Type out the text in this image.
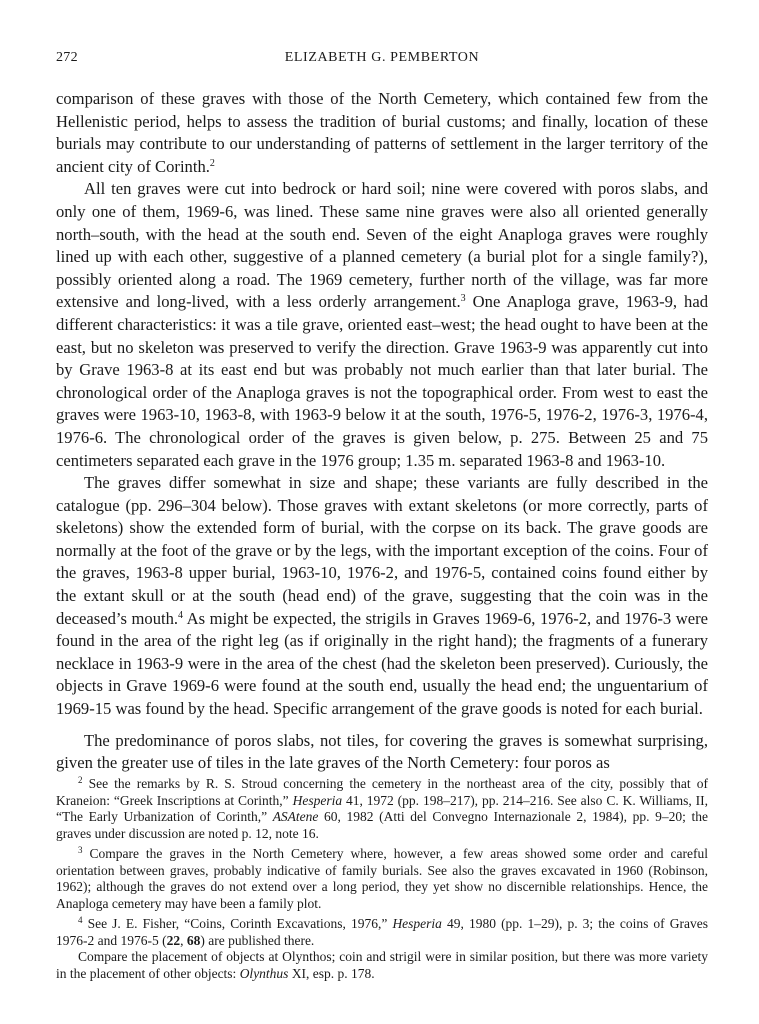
272	ELIZABETH G. PEMBERTON

comparison of these graves with those of the North Cemetery, which contained few from the Hellenistic period, helps to assess the tradition of burial customs; and finally, location of these burials may contribute to our understanding of patterns of settlement in the larger territory of the ancient city of Corinth.$^2$

All ten graves were cut into bedrock or hard soil; nine were covered with poros slabs, and only one of them, 1969-6, was lined. These same nine graves were also all oriented generally north–south, with the head at the south end. Seven of the eight Anaploga graves were roughly lined up with each other, suggestive of a planned cemetery (a burial plot for a single family?), possibly oriented along a road. The 1969 cemetery, further north of the village, was far more extensive and long-lived, with a less orderly arrangement.$^3$ One Anaploga grave, 1963-9, had different characteristics: it was a tile grave, oriented east–west; the head ought to have been at the east, but no skeleton was preserved to verify the direction. Grave 1963-9 was apparently cut into by Grave 1963-8 at its east end but was probably not much earlier than that later burial. The chronological order of the Anaploga graves is not the topographical order. From west to east the graves were 1963-10, 1963-8, with 1963-9 below it at the south, 1976-5, 1976-2, 1976-3, 1976-4, 1976-6. The chronological order of the graves is given below, p. 275. Between 25 and 75 centimeters separated each grave in the 1976 group; 1.35 m. separated 1963-8 and 1963-10.

The graves differ somewhat in size and shape; these variants are fully described in the catalogue (pp. 296–304 below). Those graves with extant skeletons (or more correctly, parts of skeletons) show the extended form of burial, with the corpse on its back. The grave goods are normally at the foot of the grave or by the legs, with the important exception of the coins. Four of the graves, 1963-8 upper burial, 1963-10, 1976-2, and 1976-5, contained coins found either by the extant skull or at the south (head end) of the grave, suggesting that the coin was in the deceased’s mouth.$^4$ As might be expected, the strigils in Graves 1969-6, 1976-2, and 1976-3 were found in the area of the right leg (as if originally in the right hand); the fragments of a funerary necklace in 1963-9 were in the area of the chest (had the skeleton been preserved). Curiously, the objects in Grave 1969-6 were found at the south end, usually the head end; the unguentarium of 1969-15 was found by the head. Specific arrangement of the grave goods is noted for each burial.

The predominance of poros slabs, not tiles, for covering the graves is somewhat surprising, given the greater use of tiles in the late graves of the North Cemetery: four poros as

$^2$ See the remarks by R. S. Stroud concerning the cemetery in the northeast area of the city, possibly that of Kraneion: “Greek Inscriptions at Corinth,” Hesperia 41, 1972 (pp. 198–217), pp. 214–216. See also C. K. Williams, II, “The Early Urbanization of Corinth,” ASAtene 60, 1982 (Atti del Convegno Internazionale 2, 1984), pp. 9–20; the graves under discussion are noted p. 12, note 16.

$^3$ Compare the graves in the North Cemetery where, however, a few areas showed some order and careful orientation between graves, probably indicative of family burials. See also the graves excavated in 1960 (Robinson, 1962); although the graves do not extend over a long period, they yet show no discernible relationships. Hence, the Anaploga cemetery may have been a family plot.

$^4$ See J. E. Fisher, “Coins, Corinth Excavations, 1976,” Hesperia 49, 1980 (pp. 1–29), p. 3; the coins of Graves 1976-2 and 1976-5 (22, 68) are published there.

Compare the placement of objects at Olynthos; coin and strigil were in similar position, but there was more variety in the placement of other objects: Olynthus XI, esp. p. 178.
